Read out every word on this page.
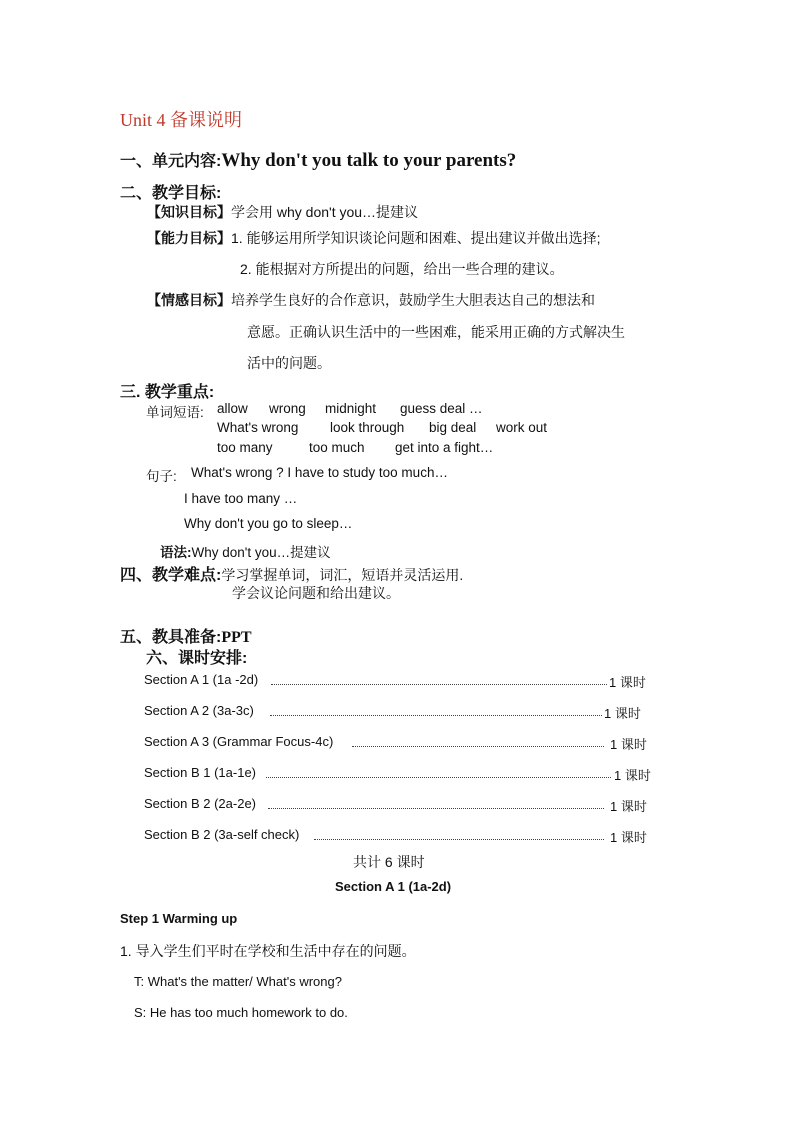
Unit 4 备课说明
一、单元内容:Why don't you talk to your parents?
二、教学目标:
【知识目标】学会用 why don't you…提建议
【能力目标】1. 能够运用所学知识谈论问题和困难、提出建议并做出选择;
2. 能根据对方所提出的问题，给出一些合理的建议。
【情感目标】培养学生良好的合作意识，鼓励学生大胆表达自己的想法和
意愿。正确认识生活中的一些困难，能采用正确的方式解决生
活中的问题。
三. 教学重点:
单词短语: allow wrong midnight guess deal …
What's wrong look through big deal work out
too many	too much get into a fight…
句子: What's wrong ? I have to study too much…
I have too many …
Why don't you go to sleep…
语法:Why don't you…提建议
四、教学难点:学习掌握单词，词汇，短语并灵活运用.
学会议论问题和给出建议。
五、教具准备:PPT
六、课时安排:
Section A 1 (1a -2d)	1 课时
Section A 2 (3a-3c)	1 课时
Section A 3 (Grammar Focus-4c)	1 课时
Section B 1 (1a-1e)	1 课时
Section B 2 (2a-2e)	1 课时
Section B 2 (3a-self check)	1 课时
共计 6 课时
Section A 1 (1a-2d)
Step 1 Warming up
1. 导入学生们平时在学校和生活中存在的问题。
T: What's the matter/ What's wrong?
S: He has too much homework to do.
